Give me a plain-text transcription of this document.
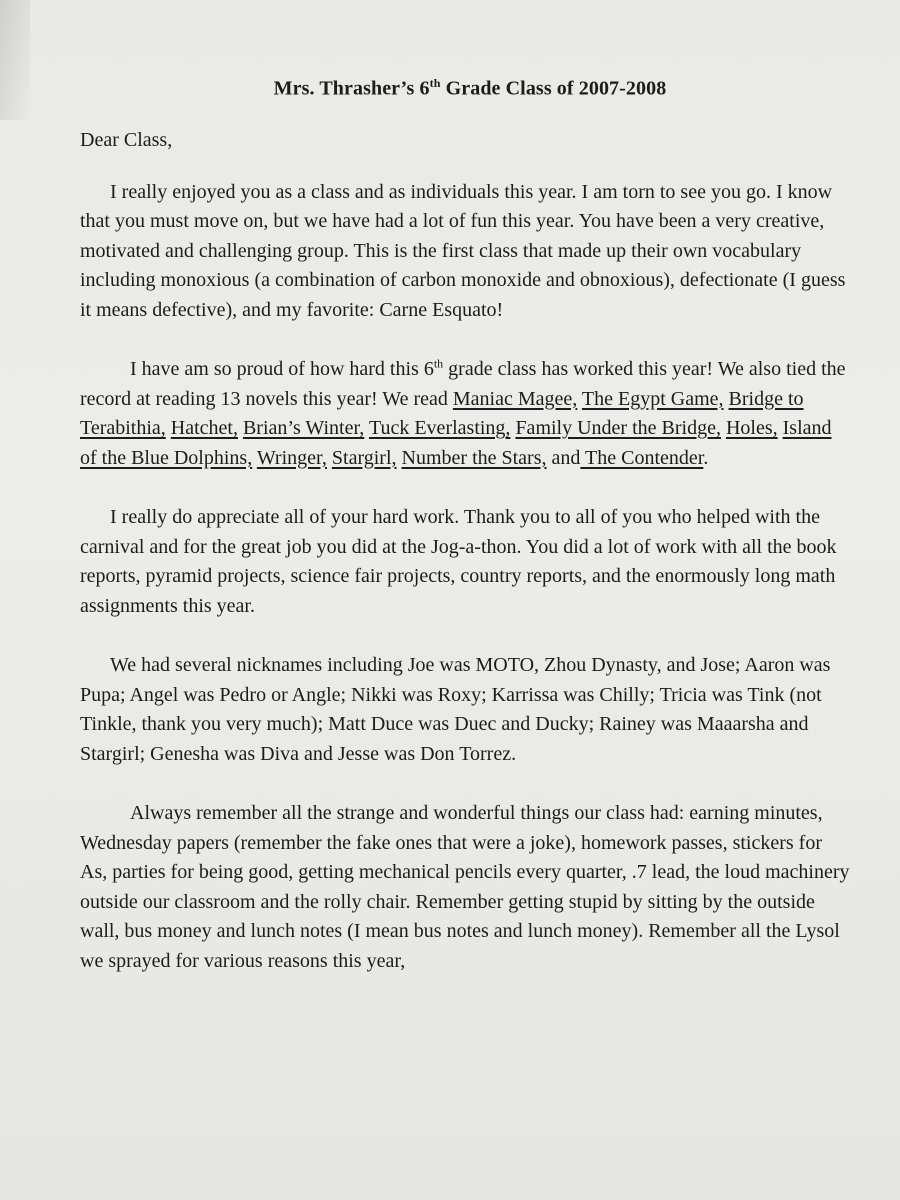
Mrs. Thrasher’s 6th Grade Class of 2007-2008

Dear Class,

I really enjoyed you as a class and as individuals this year. I am torn to see you go. I know that you must move on, but we have had a lot of fun this year. You have been a very creative, motivated and challenging group. This is the first class that made up their own vocabulary including monoxious (a combination of carbon monoxide and obnoxious), defectionate (I guess it means defective), and my favorite: Carne Esquato!

I have am so proud of how hard this 6th grade class has worked this year! We also tied the record at reading 13 novels this year! We read Maniac Magee, The Egypt Game, Bridge to Terabithia, Hatchet, Brian’s Winter, Tuck Everlasting, Family Under the Bridge, Holes, Island of the Blue Dolphins, Wringer, Stargirl, Number the Stars, and The Contender.

I really do appreciate all of your hard work. Thank you to all of you who helped with the carnival and for the great job you did at the Jog-a-thon. You did a lot of work with all the book reports, pyramid projects, science fair projects, country reports, and the enormously long math assignments this year.

We had several nicknames including Joe was MOTO, Zhou Dynasty, and Jose; Aaron was Pupa; Angel was Pedro or Angle; Nikki was Roxy; Karrissa was Chilly; Tricia was Tink (not Tinkle, thank you very much); Matt Duce was Duec and Ducky; Rainey was Maaarsha and Stargirl; Genesha was Diva and Jesse was Don Torrez.

Always remember all the strange and wonderful things our class had: earning minutes, Wednesday papers (remember the fake ones that were a joke), homework passes, stickers for As, parties for being good, getting mechanical pencils every quarter, .7 lead, the loud machinery outside our classroom and the rolly chair. Remember getting stupid by sitting by the outside wall, bus money and lunch notes (I mean bus notes and lunch money). Remember all the Lysol we sprayed for various reasons this year,
